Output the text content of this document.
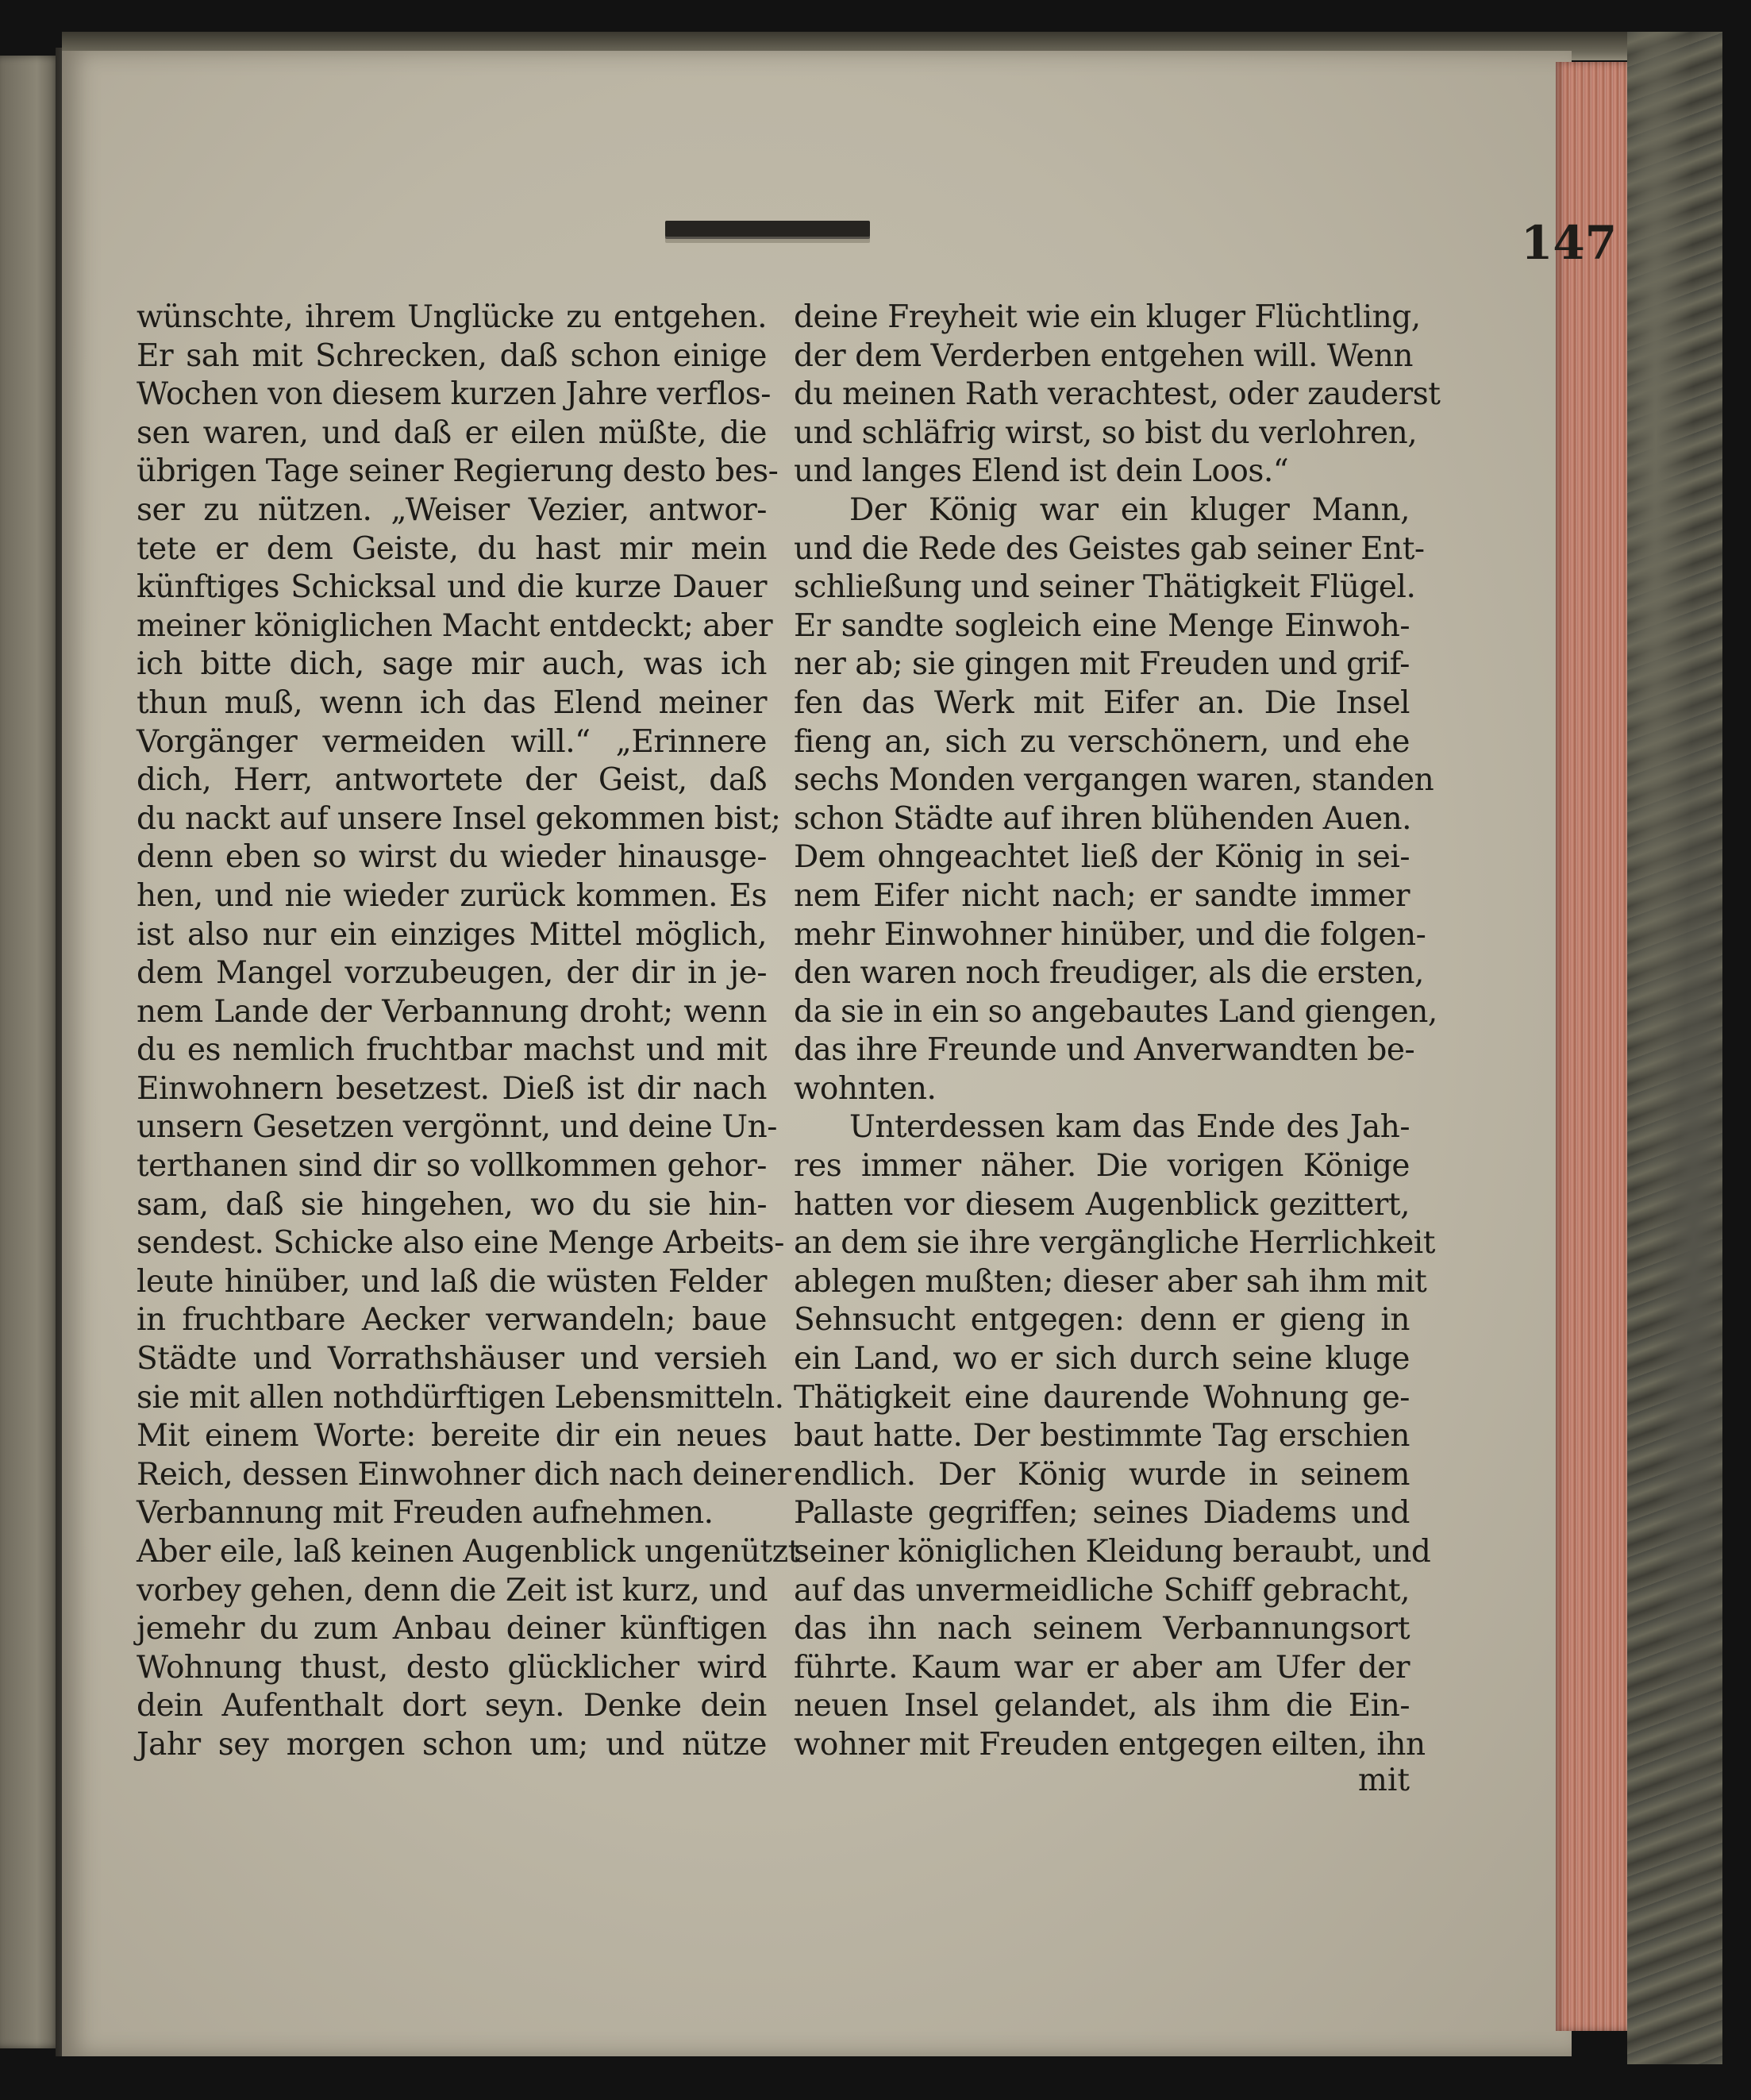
147
wünschte, ihrem Unglücke zu entgehen.
Er sah mit Schrecken, daß schon einige
Wochen von diesem kurzen Jahre verflos-
sen waren, und daß er eilen müßte, die
übrigen Tage seiner Regierung desto bes-
ser zu nützen. „Weiser Vezier, antwor-
tete er dem Geiste, du hast mir mein
künftiges Schicksal und die kurze Dauer
meiner königlichen Macht entdeckt; aber
ich bitte dich, sage mir auch, was ich
thun muß, wenn ich das Elend meiner
Vorgänger vermeiden will.“ „Erinnere
dich, Herr, antwortete der Geist, daß
du nackt auf unsere Insel gekommen bist;
denn eben so wirst du wieder hinausge-
hen, und nie wieder zurück kommen. Es
ist also nur ein einziges Mittel möglich,
dem Mangel vorzubeugen, der dir in je-
nem Lande der Verbannung droht; wenn
du es nemlich fruchtbar machst und mit
Einwohnern besetzest. Dieß ist dir nach
unsern Gesetzen vergönnt, und deine Un-
terthanen sind dir so vollkommen gehor-
sam, daß sie hingehen, wo du sie hin-
sendest. Schicke also eine Menge Arbeits-
leute hinüber, und laß die wüsten Felder
in fruchtbare Aecker verwandeln; baue
Städte und Vorrathshäuser und versieh
sie mit allen nothdürftigen Lebensmitteln.
Mit einem Worte: bereite dir ein neues
Reich, dessen Einwohner dich nach deiner
Verbannung mit Freuden aufnehmen.
Aber eile, laß keinen Augenblick ungenützt
vorbey gehen, denn die Zeit ist kurz, und
jemehr du zum Anbau deiner künftigen
Wohnung thust, desto glücklicher wird
dein Aufenthalt dort seyn. Denke dein
Jahr sey morgen schon um; und nütze
deine Freyheit wie ein kluger Flüchtling,
der dem Verderben entgehen will. Wenn
du meinen Rath verachtest, oder zauderst
und schläfrig wirst, so bist du verlohren,
und langes Elend ist dein Loos.“
Der König war ein kluger Mann,
und die Rede des Geistes gab seiner Ent-
schließung und seiner Thätigkeit Flügel.
Er sandte sogleich eine Menge Einwoh-
ner ab; sie gingen mit Freuden und grif-
fen das Werk mit Eifer an. Die Insel
fieng an, sich zu verschönern, und ehe
sechs Monden vergangen waren, standen
schon Städte auf ihren blühenden Auen.
Dem ohngeachtet ließ der König in sei-
nem Eifer nicht nach; er sandte immer
mehr Einwohner hinüber, und die folgen-
den waren noch freudiger, als die ersten,
da sie in ein so angebautes Land giengen,
das ihre Freunde und Anverwandten be-
wohnten.
Unterdessen kam das Ende des Jah-
res immer näher. Die vorigen Könige
hatten vor diesem Augenblick gezittert,
an dem sie ihre vergängliche Herrlichkeit
ablegen mußten; dieser aber sah ihm mit
Sehnsucht entgegen: denn er gieng in
ein Land, wo er sich durch seine kluge
Thätigkeit eine daurende Wohnung ge-
baut hatte. Der bestimmte Tag erschien
endlich. Der König wurde in seinem
Pallaste gegriffen; seines Diadems und
seiner königlichen Kleidung beraubt, und
auf das unvermeidliche Schiff gebracht,
das ihn nach seinem Verbannungsort
führte. Kaum war er aber am Ufer der
neuen Insel gelandet, als ihm die Ein-
wohner mit Freuden entgegen eilten, ihn
mit
